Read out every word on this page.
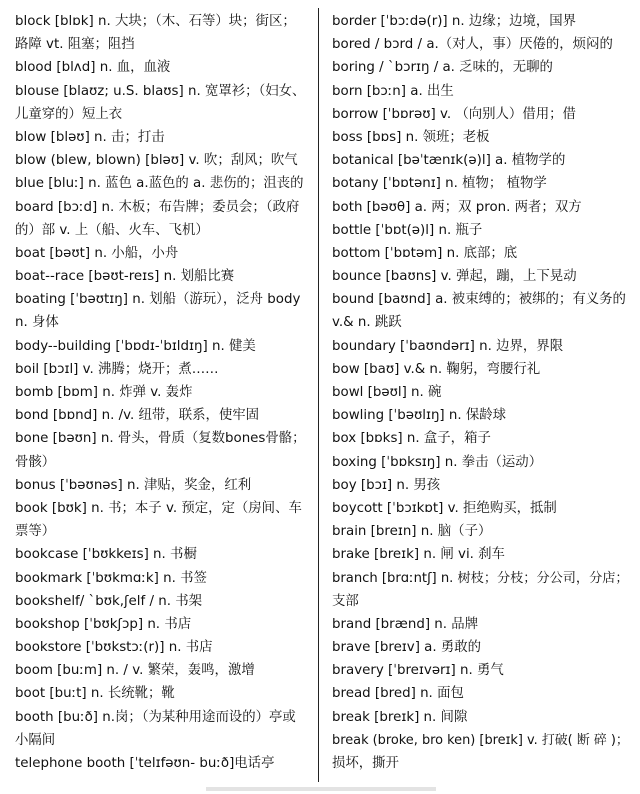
block [blɒk] n. 大块；（木、石等）块；街区；
路障 vt. 阻塞；阻挡
blood [blʌd] n. 血，血液
blouse [blaʊz; u.S. blaʊs] n. 宽罩衫；（妇女、
儿童穿的）短上衣
blow [bləʊ] n. 击；打击
blow (blew, blown) [bləʊ] v. 吹；刮风；吹气
blue [bluː] n. 蓝色 a.蓝色的 a. 悲伤的；沮丧的
board [bɔːd] n. 木板；布告牌；委员会；（政府
的）部 v. 上（船、火车、飞机）
boat [bəʊt] n. 小船，小舟
boat--race [bəʊt-reɪs] n. 划船比赛
boating [ˈbəʊtɪŋ] n. 划船（游玩），泛舟 body
n. 身体
body--building [ˈbɒdɪ-ˈbɪldɪŋ] n. 健美
boil [bɔɪl] v. 沸腾；烧开；煮……
bomb [bɒm] n. 炸弹 v. 轰炸
bond [bɒnd] n. /v. 纽带，联系，使牢固
bone [bəʊn] n. 骨头，骨质（复数bones骨骼；
骨骸）
bonus [ˈbəʊnəs] n. 津贴，奖金，红利
book [bʊk] n. 书；本子 v. 预定，定（房间、车
票等）
bookcase [ˈbʊkkeɪs] n. 书橱
bookmark [ˈbʊkmɑːk] n. 书签
bookshelf/ `bʊk,ʃelf / n. 书架
bookshop [ˈbʊkʃɔp] n. 书店
bookstore [ˈbʊkstɔː(r)] n. 书店
boom [buːm] n. / v. 繁荣，轰鸣，激增
boot [buːt] n. 长统靴；靴
booth [buːð] n.岗；（为某种用途而设的）亭或
小隔间
telephone booth [ˈtelɪfəʊn- buːð]电话亭
border [ˈbɔːdə(r)] n. 边缘；边境，国界
bored / bɔrd / a.（对人，事）厌倦的，烦闷的
boring / `bɔrɪŋ / a. 乏味的，无聊的
born [bɔːn] a. 出生
borrow [ˈbɒrəʊ] v. （向别人）借用；借
boss [bɒs] n. 领班；老板
botanical [bəˈtænɪk(ə)l] a. 植物学的
botany [ˈbɒtənɪ] n. 植物； 植物学
both [bəʊθ] a. 两；双 pron. 两者；双方
bottle [ˈbɒt(ə)l] n. 瓶子
bottom [ˈbɒtəm] n. 底部；底
bounce [baʊns] v. 弹起，蹦，上下晃动
bound [baʊnd] a. 被束缚的；被绑的；有义务的
v.& n. 跳跃
boundary [ˈbaʊndərɪ] n. 边界，界限
bow [baʊ] v.& n. 鞠躬，弯腰行礼
bowl [bəʊl] n. 碗
bowling [ˈbəʊlɪŋ] n. 保龄球
box [bɒks] n. 盒子，箱子
boxing [ˈbɒksɪŋ] n. 拳击（运动）
boy [bɔɪ] n. 男孩
boycott [ˈbɔɪkɒt] v. 拒绝购买，抵制
brain [breɪn] n. 脑（子）
brake [breɪk] n. 闸 vi. 刹车
branch [brɑːntʃ] n. 树枝；分枝；分公司，分店；
支部
brand [brænd] n. 品牌
brave [breɪv] a. 勇敢的
bravery [ˈbreɪvərɪ] n. 勇气
bread [bred] n. 面包
break [breɪk] n. 间隙
break (broke, bro ken) [breɪk] v. 打破( 断 碎 )；
损坏，撕开
